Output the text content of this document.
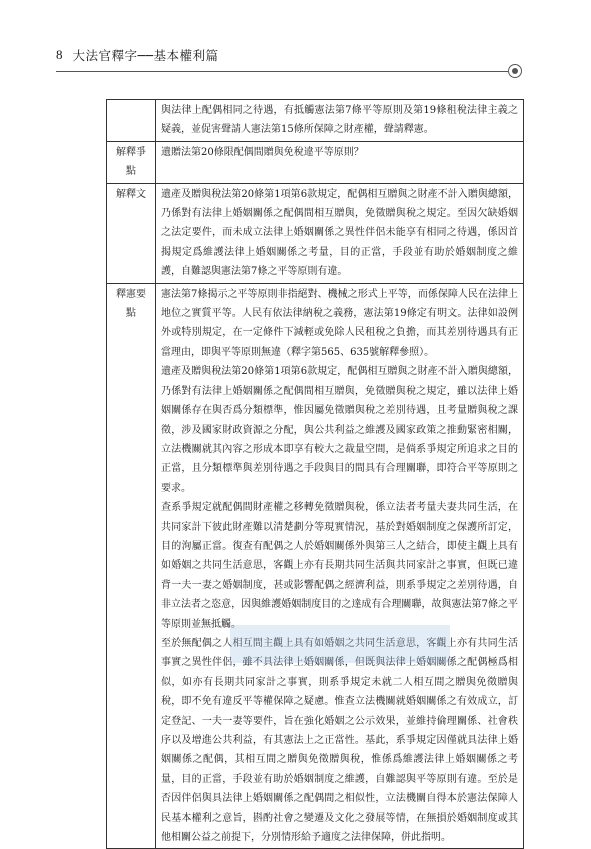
8 大法官釋字──基本權利篇

	與法律上配偶相同之待遇，有抵觸憲法第7條平等原則及第19條租稅法律主義之疑義，並促害聲請人憲法第15條所保障之財產權，聲請釋憲。

解釋爭點	遺贈法第20條限配偶間贈與免稅違平等原則？

解釋文	遺產及贈與稅法第20條第1項第6款規定，配偶相互贈與之財產不計入贈與總額，乃係對有法律上婚姻關係之配偶間相互贈與，免徵贈與稅之規定。至因欠缺婚姻之法定要件，而未成立法律上婚姻關係之異性伴侶未能享有相同之待遇，係因首揭規定爲維護法律上婚姻關係之考量，目的正當，手段並有助於婚姻制度之維護，自難認與憲法第7條之平等原則有違。

釋憲要點	憲法第7條揭示之平等原則非指絕對、機械之形式上平等，而係保障人民在法律上地位之實質平等。人民有依法律納稅之義務，憲法第19條定有明文。法律如設例外或特別規定，在一定條件下減輕或免除人民租稅之負擔，而其差別待遇具有正當理由，即與平等原則無違（釋字第565、635號解釋參照）。

遺產及贈與稅法第20條第1項第6款規定，配偶相互贈與之財產不計入贈與總額，乃係對有法律上婚姻關係之配偶間相互贈與，免徵贈與稅之規定，雖以法律上婚姻關係存在與否爲分類標準，惟因屬免徵贈與稅之差別待遇，且考量贈與稅之課徵，涉及國家財政資源之分配，與公共利益之維護及國家政策之推動緊密相關，立法機關就其內容之形成本即享有較大之裁量空間，是倘系爭規定所追求之目的正當，且分類標準與差別待遇之手段與目的間具有合理關聯，即符合平等原則之要求。

查系爭規定就配偶間財產權之移轉免徵贈與稅，係立法者考量夫妻共同生活，在共同家計下彼此財產難以清楚劃分等現實情況，基於對婚姻制度之保護所訂定，目的洵屬正當。復查有配偶之人於婚姻關係外與第三人之結合，即使主觀上具有如婚姻之共同生活意思，客觀上亦有長期共同生活與共同家計之事實，但既已違背一夫一妻之婚姻制度，甚或影響配偶之經濟利益，則系爭規定之差別待遇，自非立法者之恣意，因與維護婚姻制度目的之達成有合理關聯，故與憲法第7條之平等原則並無抵觸。

至於無配偶之人相互間主觀上具有如婚姻之共同生活意思，客觀上亦有共同生活事實之異性伴侶，雖不具法律上婚姻關係，但既與法律上婚姻關係之配偶極爲相似，如亦有長期共同家計之事實，則系爭規定未就二人相互間之贈與免徵贈與稅，即不免有違反平等權保障之疑慮。惟查立法機關就婚姻關係之有效成立，訂定登記、一夫一妻等要件，旨在強化婚姻之公示效果，並維持倫理關係、社會秩序以及增進公共利益，有其憲法上之正當性。基此，系爭規定因僅就具法律上婚姻關係之配偶，其相互間之贈與免徵贈與稅，惟係爲維護法律上婚姻關係之考量，目的正當，手段並有助於婚姻制度之維護，自難認與平等原則有違。至於是否因伴侶與具法律上婚姻關係之配偶間之相似性，立法機關自得本於憲法保障人民基本權利之意旨，斟酌社會之變遷及文化之發展等情，在無損於婚姻制度或其他相關公益之前提下，分別情形給予適度之法律保障，併此指明。
